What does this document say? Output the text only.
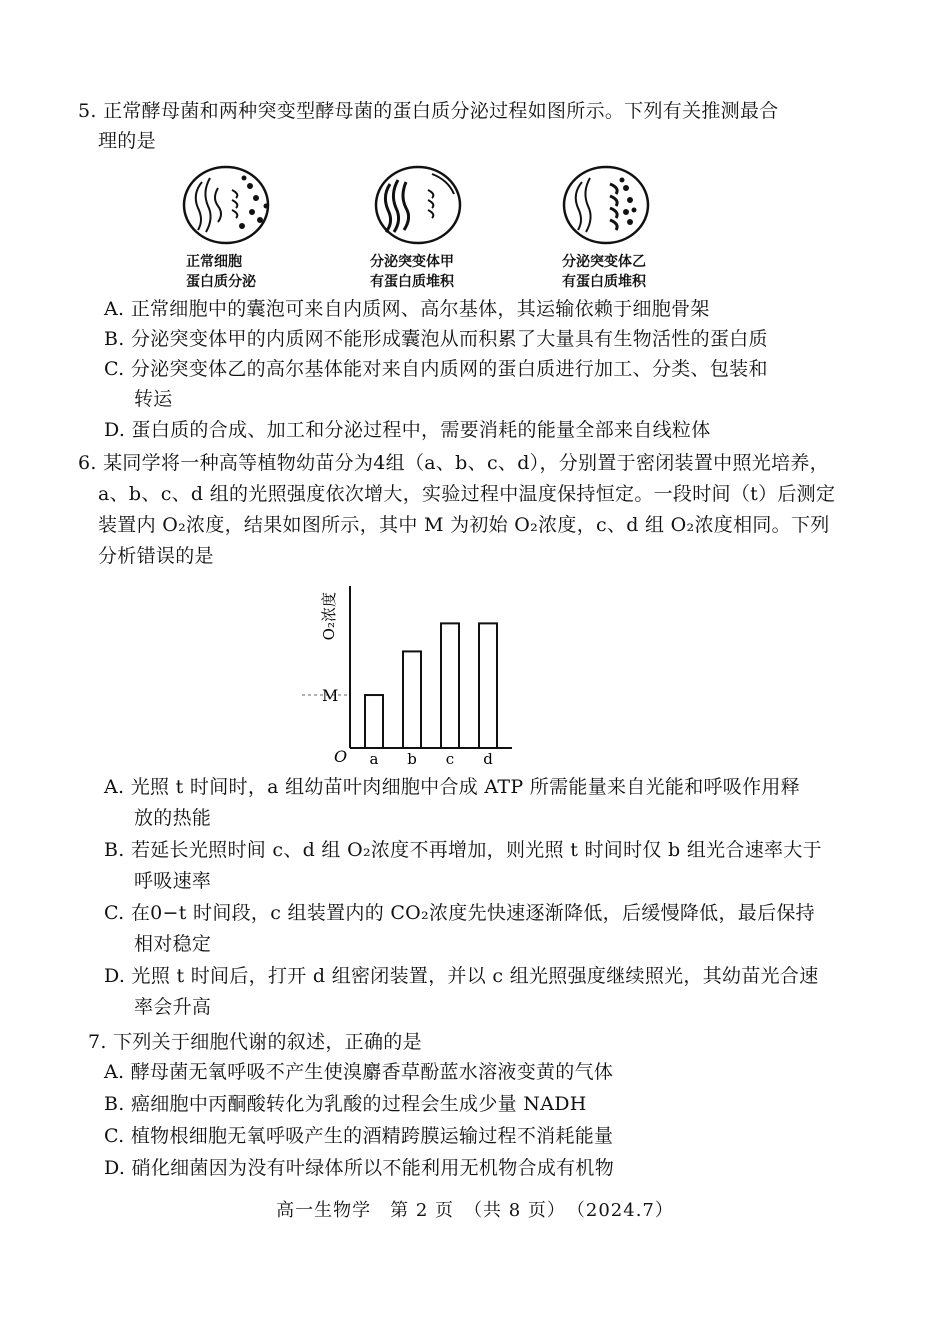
5. 正常酵母菌和两种突变型酵母菌的蛋白质分泌过程如图所示。下列有关推测最合
理的是
正常细胞
蛋白质分泌
分泌突变体甲
有蛋白质堆积
分泌突变体乙
有蛋白质堆积
A. 正常细胞中的囊泡可来自内质网、高尔基体，其运输依赖于细胞骨架
B. 分泌突变体甲的内质网不能形成囊泡从而积累了大量具有生物活性的蛋白质
C. 分泌突变体乙的高尔基体能对来自内质网的蛋白质进行加工、分类、包装和
转运
D. 蛋白质的合成、加工和分泌过程中，需要消耗的能量全部来自线粒体
6. 某同学将一种高等植物幼苗分为4组（a、b、c、d），分别置于密闭装置中照光培养，
a、b、c、d 组的光照强度依次增大，实验过程中温度保持恒定。一段时间（t）后测定
装置内 O₂浓度，结果如图所示，其中 M 为初始 O₂浓度，c、d 组 O₂浓度相同。下列
分析错误的是
O₂浓度
O a b c d
M
A. 光照 t 时间时，a 组幼苗叶肉细胞中合成 ATP 所需能量来自光能和呼吸作用释
放的热能
B. 若延长光照时间 c、d 组 O₂浓度不再增加，则光照 t 时间时仅 b 组光合速率大于
呼吸速率
C. 在0−t 时间段，c 组装置内的 CO₂浓度先快速逐渐降低，后缓慢降低，最后保持
相对稳定
D. 光照 t 时间后，打开 d 组密闭装置，并以 c 组光照强度继续照光，其幼苗光合速
率会升高
7. 下列关于细胞代谢的叙述，正确的是
A. 酵母菌无氧呼吸不产生使溴麝香草酚蓝水溶液变黄的气体
B. 癌细胞中丙酮酸转化为乳酸的过程会生成少量 NADH
C. 植物根细胞无氧呼吸产生的酒精跨膜运输过程不消耗能量
D. 硝化细菌因为没有叶绿体所以不能利用无机物合成有机物
高一生物学　第 2 页　（共 8 页）　（2024.7）
